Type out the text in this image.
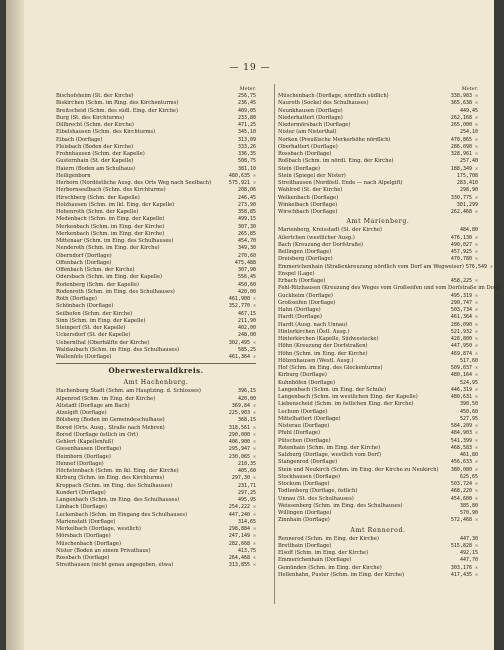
— 19 —
Meter.
Bischofsheim (St. der Kirche)	256,75
Biskirchen (Schm. im Ring. des Kirchenturms)	236,45
Breitscheid (Schm. des südl. Eing. der Kirche)	409,05
Burg (St. des Kirchturms)	233,80
Dillbrecht (Schm. der Kirche)	471,25
Eibelshausen (Schm. des Kirchturms)	345,10
Eibach (Dorflage)	313,09
Fleisbach (Boden der Kirche)	333,26
Frohnhausen (Schm. der Kapelle)	336,35
Gusternhain (St. der Kapelle)	508,75
Haiern (Boden am Schulhaus)	381,10
Heiligenborn	480,635 ☉
Herborn (Nordöstliche Ausg. des Orts Weg nach Seelbach)	575,921 ☉
Herbornseelbach (Schm. des Kirchturms)	208,06
Hirschberg (Schm. der Kapelle)	246,45
Holzhausen (Schm. im lkl. Eing. der Kapelle)	273,90
Hohenroth (Schm. der Kapelle)	358,85
Medenbach (Schm. im Eing. der Kapelle)	499,15
Merkenbach (Schm. im Eing. der Kirche)	307,30
Merkenbach (Schm. im Eing. der Kirche)	265,85
Mittenaar (Schm. im Eing. des Schulhauses)	454,70
Nenderoth (Schm. im Eing. der Kirche)	349,30
Oberndorf (Dorflage)	270,60
Offenbach (Dorflage)	475,488
Offenbach (Schm. der Kirche)	307,90
Odersbach (Schm. im Eing. der Kapelle)	556,45
Rodenberg (Schm. der Kapelle)	450,60
Rodenroth (Schm. im Eing. des Schulhauses)	420,00
Roth (Dorflage)	461,900 ☉
Schönbach (Dorflage)	352,770 ☉
Seilhofen (Schm. der Kirche)	467,15
Sinn (Schm. im Eing. der Kapelle)	211,90
Steinperf (St. der Kapelle)	402,00
Uckersdorf (St. der Kapelle)	248,00
Uebernthal (Oberhälfte der Kirche)	302,495 ☉
Waldaubach (Schm. im Eing. des Schulhauses)	585,25
Wallenfels (Dorflage)	461,364 ☉
Oberwesterwaldkreis.
Amt Hachenburg.
Hachenburg Stadt (Schm. am Hauptzing. d. Schlosses)	396,15
Alpenrod (Schm. im Eing. der Kirche)	420,00
Altstadt (Dorflage am Bach)	369,84 ☉
Atzelgift (Dorflage)	225,903 ☉
Bölsberg (Boden im Gemeindeschulhaus)	368,15
Borod (Orts. Ausg., Straße nach Mehren)	318,561 ☉
Borod (Dorflage östlich im Ort)	290,000 ☉
Gehlert (Kapellenfuß)	406,900 ☉
Giesenhausen (Dorflage)	295,947 ☉
Heimborn (Dorflage)	230,065 ☉
Hennef (Dorflage)	210,35
Höchstenbach (Schm. im lkl. Eing. der Kirche)	405,60
Kirburg (Schm. im Eing. des Kirchturms)	297,30 ☉
Kroppach (Schm. im Eing. des Schulhauses)	231,71
Kundert (Dorflage)	297,25
Langenbach (Schm. im Eing. des Schulhauses)	495,95
Limbach (Dorflage)	254,222 ☉
Luckenbach (Schm. im Eingang des Schulhauses)	447,240 ☉
Marienstatt (Dorflage)	314,65
Merkelbach (Dorflage, westlich)	298,884 ☉
Mörsbach (Dorflage)	247,149 ☉
Müschenbach (Dorflage)	282,668 ☉
Nister (Boden an einem Privathaus)	413,75
Rossbach (Dorflage)	264,468 ☉
Streithausen (nicht genau angegeben, etwa)	313,855 ☉
Meter.
Müschenbach (Dorflage, nördlich südlich)	338,983 ☉
Nauroth (Sockel des Schulhauses)	365,638 ☉
Neunkhausen (Dorflage)	449,45
Niederhattert (Dorflage)	262,168 ☉
Niedermörsbach (Dorflage)	265,000 ☉
Nister (am Nisterthal)	254,10
Norken (Preußische Merkerhöhe nördlich)	470,865 ☉
Oberhattert (Dorflage)	286,090 ☉
Rossbach (Dorflage)	328,961 ☉
Roßbach (Schm. im nördl. Eing. der Kirche)	257,40
Stein (Dorflage)	188,349 ☉
Stein (Spiegel der Nister)	175,708
Streithausen (Nordöstl. Ende — nach Alpelgift)	283,410
Wahlrod (St. der Kirche)	298,90
Welkenbach (Dorflage)	330,775 ☉
Winkelbach (Dorflage)	301,299
Wirschbach (Dorflage)	262,468 ☉
Amt Marienberg.
Marienberg, Kreisstadt (St. der Kirche)	484,80
Ailertchen (westlicher Ausg.)	476,130 ☉
Bach (Kreuzung der Dorfstraße)	490,027 ☉
Bellingen (Dorflage)	457,925 ☉
Dreisberg (Dorflage)	470,780 ☉
Emmerichenhain (Straßenkreuzung nördlich vom Dorf am Wegweiser) 576,549 ☉
Enspel (Lage)
Erbach (Dorflage)	458,225 ☉
Fehl-Ritzhausen (Kreuzung des Weges vom Großseifen und vom Dorfstraße im Dorf)
Guckheim (Dorflage)	495,319 ☉
Großseifen (Dorflage)	290,747 ☉
Hahn (Dorflage)	503,734 ☉
Hardt (Dorflage)	461,364 ☉
Hardt (Ausg. nach Unnau)	286,090 ☉
Hinterkirchen (Östl. Ausg.)	521,932 ☉
Hinterkirchen (Kapelle, Südwestecke)	428,800 ☉
Höhn (Kreuzung der Dorfstraßen)	447,950 ☉
Höhn (Schm. im Eing. der Kirche)	469,874 ☉
Hölzenhausen (Westl. Ausg.)	517,60
Hof (Schm. im Eing. des Glockenturms)	509,037 ☉
Kirburg (Dorflage)	480,164 ☉
Kuhnhöfen (Dorflage)	524,95
Langenbach (Schm. im Eing. der Schule)	446,319 ☉
Langenbach (Schm. im westlichen Eing. der Kapelle)	480,631 ☉
Liebenscheid (Schm. im östlichen Eing. der Kirche)	390,50
Lochum (Dorflage)	450,60
Mittelhattert (Dorflage)	527,95
Nisterau (Dorflage)	584,209 ☉
Pfuhl (Dorflage)	484,903 ☉
Pütschen (Dorflage)	541,399 ☉
Rotenhain (Schm. im Eing. der Kirche)	468,583 ☉
Salzburg (Dorflage, westlich vom Dorf)	461,80
Stangenrod (Dorflage)	456,633 ☉
Stein und Neukirch (Schm. im Eing. der Kirche zu Neukirch)	380,080 ☉
Stockhausen (Dorflage)	625,65
Stockum (Dorflage)	503,724 ☉
Todtenberg (Dorflage, östlich)	468,220 ☉
Unnau (St. des Schulhauses)	454,600 ☉
Weissenberg (Schm. im Eing. des Schulhauses)	385,80
Willingen (Dorflage)	570,90
Zinnhain (Dorflage)	572,468 ☉
Amt Rennerod.
Rennerod (Schm. im Eing. der Kirche)	447,30
Bretthain (Dorflage)	515,828 ☉
Elsoff (Schm. im Eing. der Kirche)	492,15
Emmerichenhain (Dorflage)	447,70
Gemünden (Schm. im Eing. der Kirche)	303,176 ☉
Hellenhahn, Puster (Schm. im Eing. der Kirche)	417,435 ☉
